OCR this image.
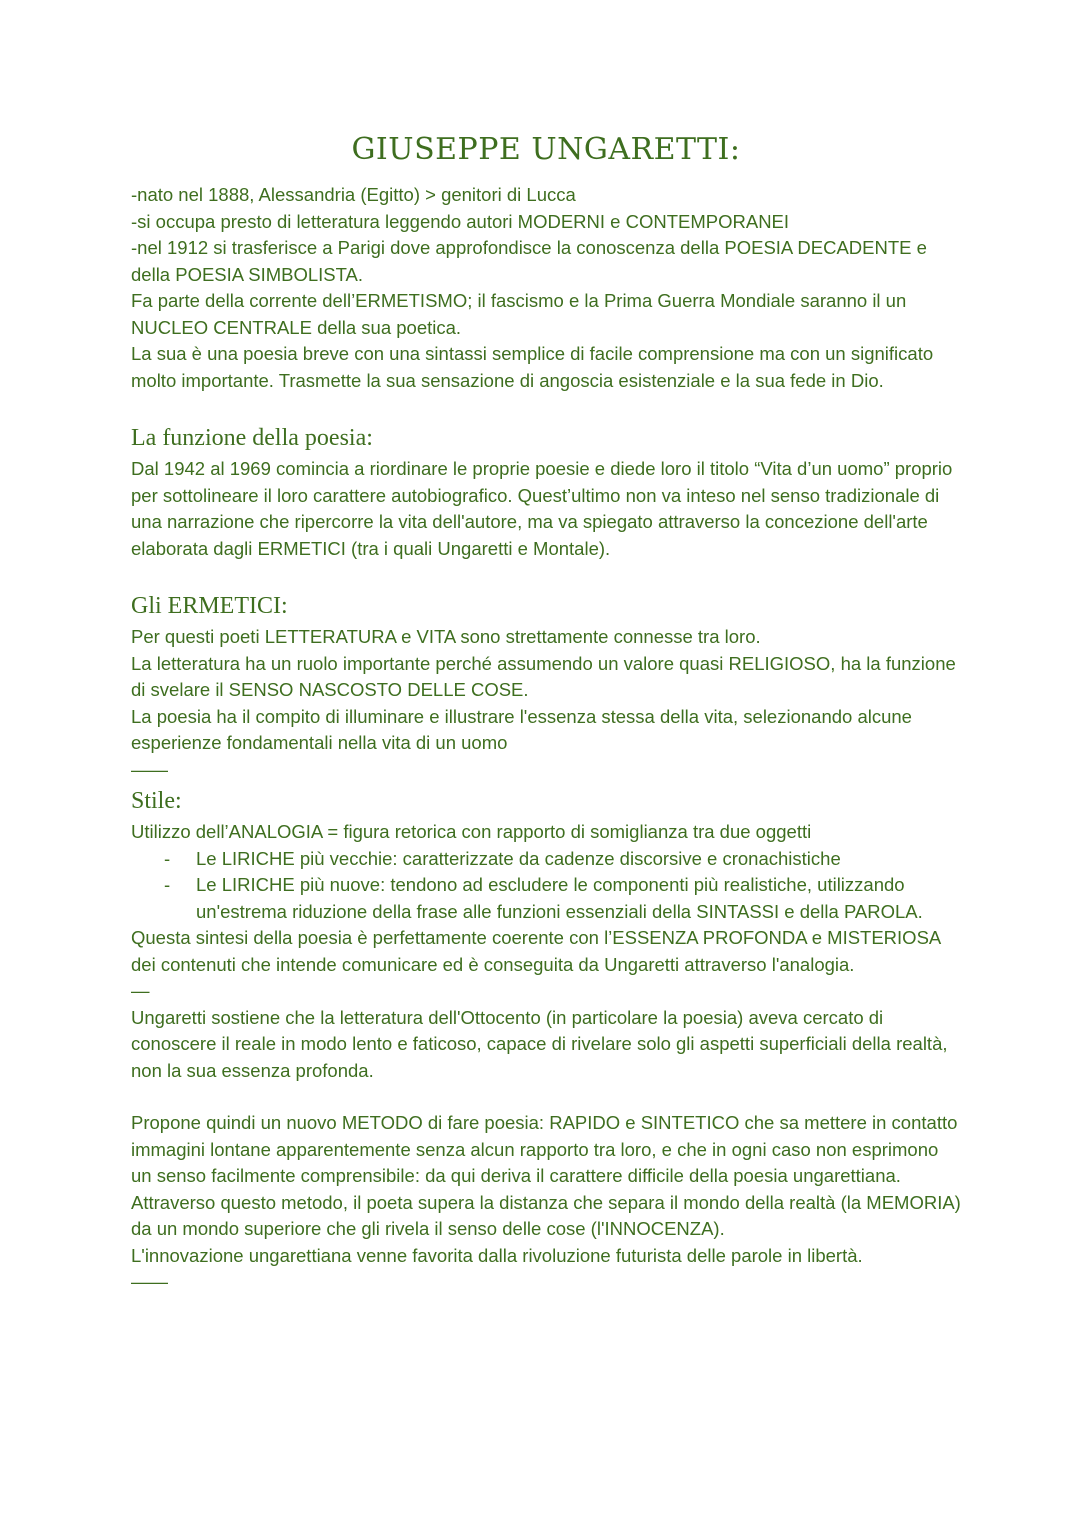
GIUSEPPE UNGARETTI:

-nato nel 1888, Alessandria (Egitto) > genitori di Lucca

-si occupa presto di letteratura leggendo autori MODERNI e CONTEMPORANEI

-nel 1912 si trasferisce a Parigi dove approfondisce la conoscenza della POESIA DECADENTE e della POESIA SIMBOLISTA.

Fa parte della corrente dell’ERMETISMO; il fascismo e la Prima Guerra Mondiale saranno il un NUCLEO CENTRALE della sua poetica.

La sua è una poesia breve con una sintassi semplice di facile comprensione ma con un significato molto importante. Trasmette la sua sensazione di angoscia esistenziale e la sua fede in Dio.

La funzione della poesia:

Dal 1942 al 1969 comincia a riordinare le proprie poesie e diede loro il titolo “Vita d’un uomo” proprio per sottolineare il loro carattere autobiografico. Quest’ultimo non va inteso nel senso tradizionale di una narrazione che ripercorre la vita dell'autore, ma va spiegato attraverso la concezione dell'arte elaborata dagli ERMETICI (tra i quali Ungaretti e Montale).

Gli ERMETICI:

Per questi poeti LETTERATURA e VITA sono strettamente connesse tra loro.

La letteratura ha un ruolo importante perché assumendo un valore quasi RELIGIOSO, ha la funzione di svelare il SENSO NASCOSTO DELLE COSE.

La poesia ha il compito di illuminare e illustrare l'essenza stessa della vita, selezionando alcune esperienze fondamentali nella vita di un uomo

——

Stile:

Utilizzo dell’ANALOGIA = figura retorica con rapporto di somiglianza tra due oggetti

- Le LIRICHE più vecchie: caratterizzate da cadenze discorsive e cronachistiche
- Le LIRICHE più nuove: tendono ad escludere le componenti più realistiche, utilizzando un'estrema riduzione della frase alle funzioni essenziali della SINTASSI e della PAROLA.

Questa sintesi della poesia è perfettamente coerente con l’ESSENZA PROFONDA e MISTERIOSA dei contenuti che intende comunicare ed è conseguita da Ungaretti attraverso l'analogia.

—

Ungaretti sostiene che la letteratura dell'Ottocento (in particolare la poesia) aveva cercato di conoscere il reale in modo lento e faticoso, capace di rivelare solo gli aspetti superficiali della realtà, non la sua essenza profonda.

Propone quindi un nuovo METODO di fare poesia: RAPIDO e SINTETICO che sa mettere in contatto immagini lontane apparentemente senza alcun rapporto tra loro, e che in ogni caso non esprimono un senso facilmente comprensibile: da qui deriva il carattere difficile della poesia ungarettiana.

Attraverso questo metodo, il poeta supera la distanza che separa il mondo della realtà (la MEMORIA) da un mondo superiore che gli rivela il senso delle cose (l'INNOCENZA).

L'innovazione ungarettiana venne favorita dalla rivoluzione futurista delle parole in libertà.

——
